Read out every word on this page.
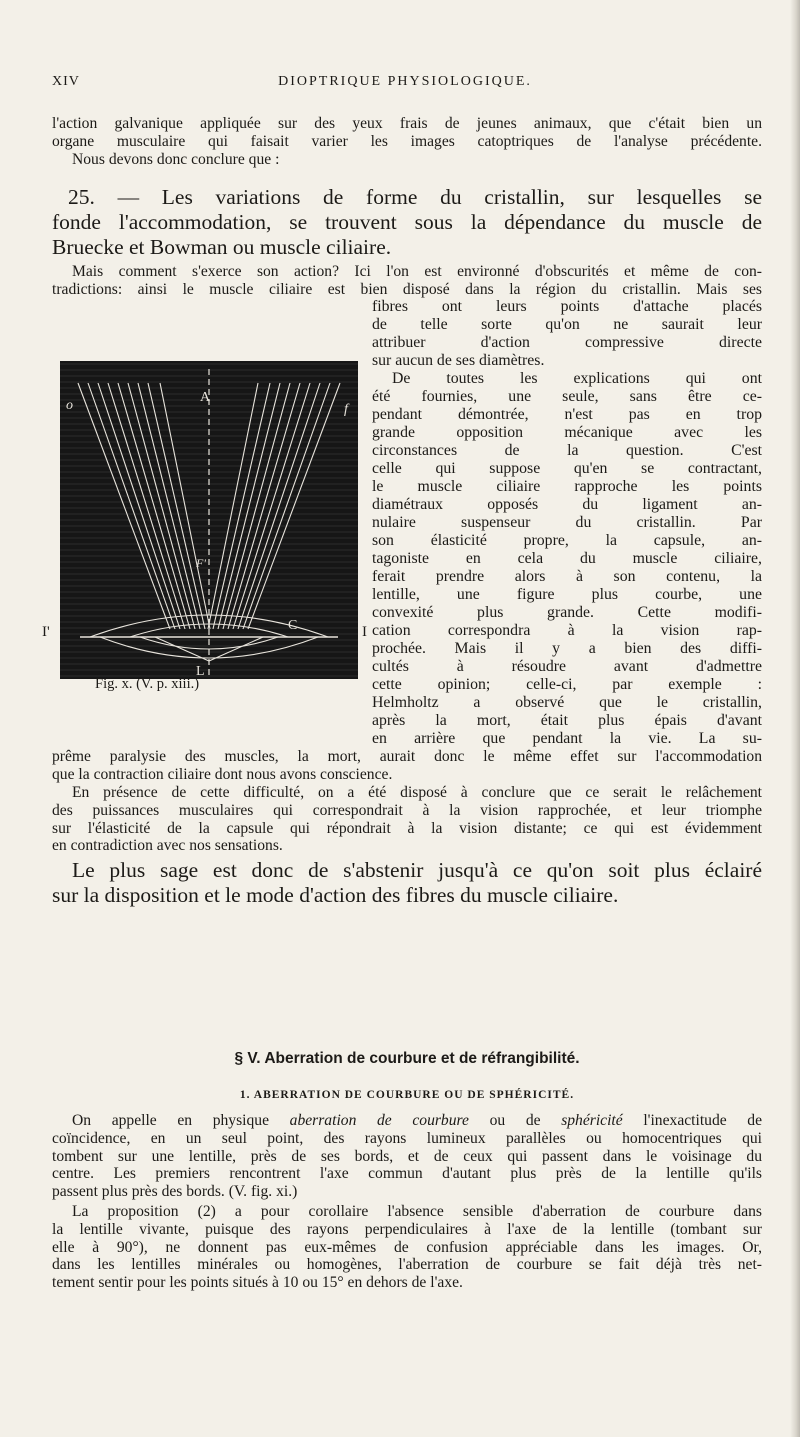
XIV	DIOPTRIQUE PHYSIOLOGIQUE.
l'action galvanique appliquée sur des yeux frais de jeunes animaux, que c'était bien un
organe musculaire qui faisait varier les images catoptriques de l'analyse précédente.
Nous devons donc conclure que :
25. — Les variations de forme du cristallin, sur lesquelles se
fonde l'accommodation, se trouvent sous la dépendance du muscle de
Bruecke et Bowman ou muscle ciliaire.
Mais comment s'exerce son action? Ici l'on est environné d'obscurités et même de con-
tradictions: ainsi le muscle ciliaire est bien disposé dans la région du cristallin. Mais ses
A
o	f
F'
C
L
I'	I
Fig. x. (V. p. xiii.)
fibres ont leurs points d'attache placés
de telle sorte qu'on ne saurait leur
attribuer d'action compressive directe
sur aucun de ses diamètres.
De toutes les explications qui ont
été fournies, une seule, sans être ce-
pendant démontrée, n'est pas en trop
grande opposition mécanique avec les
circonstances de la question. C'est
celle qui suppose qu'en se contractant,
le muscle ciliaire rapproche les points
diamétraux opposés du ligament an-
nulaire suspenseur du cristallin. Par
son élasticité propre, la capsule, an-
tagoniste en cela du muscle ciliaire,
ferait prendre alors à son contenu, la
lentille, une figure plus courbe, une
convexité plus grande. Cette modifi-
cation correspondra à la vision rap-
prochée. Mais il y a bien des diffi-
cultés à résoudre avant d'admettre
cette opinion; celle-ci, par exemple :
Helmholtz a observé que le cristallin,
après la mort, était plus épais d'avant
en arrière que pendant la vie. La su-
prême paralysie des muscles, la mort, aurait donc le même effet sur l'accommodation
que la contraction ciliaire dont nous avons conscience.
En présence de cette difficulté, on a été disposé à conclure que ce serait le relâchement
des puissances musculaires qui correspondrait à la vision rapprochée, et leur triomphe
sur l'élasticité de la capsule qui répondrait à la vision distante; ce qui est évidemment
en contradiction avec nos sensations.
Le plus sage est donc de s'abstenir jusqu'à ce qu'on soit plus éclairé
sur la disposition et le mode d'action des fibres du muscle ciliaire.
§ V. Aberration de courbure et de réfrangibilité.
1. ABERRATION DE COURBURE OU DE SPHÉRICITÉ.
On appelle en physique aberration de courbure ou de sphéricité l'inexactitude de
coïncidence, en un seul point, des rayons lumineux parallèles ou homocentriques qui
tombent sur une lentille, près de ses bords, et de ceux qui passent dans le voisinage du
centre. Les premiers rencontrent l'axe commun d'autant plus près de la lentille qu'ils
passent plus près des bords. (V. fig. xi.)
La proposition (2) a pour corollaire l'absence sensible d'aberration de courbure dans
la lentille vivante, puisque des rayons perpendiculaires à l'axe de la lentille (tombant sur
elle à 90°), ne donnent pas eux-mêmes de confusion appréciable dans les images. Or,
dans les lentilles minérales ou homogènes, l'aberration de courbure se fait déjà très net-
tement sentir pour les points situés à 10 ou 15° en dehors de l'axe.
